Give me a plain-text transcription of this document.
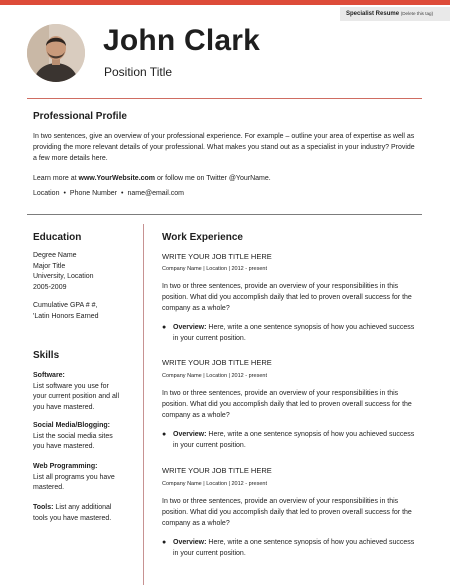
Specialist Resume (Delete this tag)
John Clark
Position Title
Professional Profile
In two sentences, give an overview of your professional experience. For example – outline your area of expertise as well as providing the more relevant details of your professional. What makes you stand out as a specialist in your industry? Provide a few more details here.
Learn more at www.YourWebsite.com or follow me on Twitter @YourName.
Location • Phone Number • name@email.com
Education
Degree Name
Major Title
University, Location
2005-2009
Cumulative GPA # #,
'Latin Honors Earned
Skills
Software:
List software you use for
your current position and all
you have mastered.
Social Media/Blogging:
List the social media sites
you have mastered.
Web Programming:
List all programs you have
mastered.
Tools: List any additional
tools you have mastered.
Work Experience
WRITE YOUR JOB TITLE HERE
Company Name | Location | 2012 - present
In two or three sentences, provide an overview of your responsibilities in this position. What did you accomplish daily that led to proven overall success for the company as a whole?
● Overview: Here, write a one sentence synopsis of how you achieved success in your current position.
WRITE YOUR JOB TITLE HERE
Company Name | Location | 2012 - present
In two or three sentences, provide an overview of your responsibilities in this position. What did you accomplish daily that led to proven overall success for the company as a whole?
● Overview: Here, write a one sentence synopsis of how you achieved success in your current position.
WRITE YOUR JOB TITLE HERE
Company Name | Location | 2012 - present
In two or three sentences, provide an overview of your responsibilities in this position. What did you accomplish daily that led to proven overall success for the company as a whole?
● Overview: Here, write a one sentence synopsis of how you achieved success in your current position.
